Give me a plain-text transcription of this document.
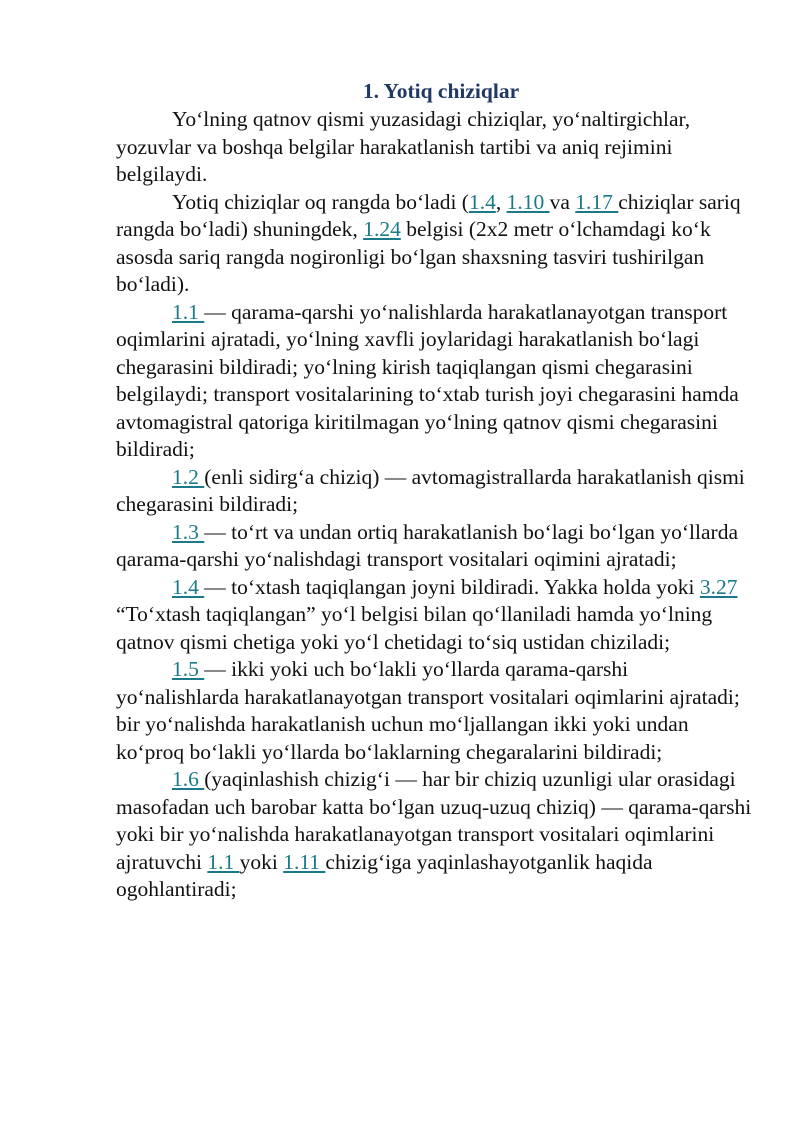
1. Yotiq chiziqlar

Yo‘lning qatnov qismi yuzasidagi chiziqlar, yo‘naltirgichlar, yozuvlar va boshqa belgilar harakatlanish tartibi va aniq rejimini belgilaydi.

Yotiq chiziqlar oq rangda bo‘ladi (1.4, 1.10 va 1.17 chiziqlar sariq rangda bo‘ladi) shuningdek, 1.24 belgisi (2x2 metr o‘lchamdagi ko‘k asosda sariq rangda nogironligi bo‘lgan shaxsning tasviri tushirilgan bo‘ladi).

1.1 — qarama-qarshi yo‘nalishlarda harakatlanayotgan transport oqimlarini ajratadi, yo‘lning xavfli joylaridagi harakatlanish bo‘lagi chegarasini bildiradi; yo‘lning kirish taqiqlangan qismi chegarasini belgilaydi; transport vositalarining to‘xtab turish joyi chegarasini hamda avtomagistral qatoriga kiritilmagan yo‘lning qatnov qismi chegarasini bildiradi;

1.2 (enli sidirg‘a chiziq) — avtomagistrallarda harakatlanish qismi chegarasini bildiradi;

1.3 — to‘rt va undan ortiq harakatlanish bo‘lagi bo‘lgan yo‘llarda qarama-qarshi yo‘nalishdagi transport vositalari oqimini ajratadi;

1.4 — to‘xtash taqiqlangan joyni bildiradi. Yakka holda yoki 3.27 “To‘xtash taqiqlangan” yo‘l belgisi bilan qo‘llaniladi hamda yo‘lning qatnov qismi chetiga yoki yo‘l chetidagi to‘siq ustidan chiziladi;

1.5 — ikki yoki uch bo‘lakli yo‘llarda qarama-qarshi yo‘nalishlarda harakatlanayotgan transport vositalari oqimlarini ajratadi; bir yo‘nalishda harakatlanish uchun mo‘ljallangan ikki yoki undan ko‘proq bo‘lakli yo‘llarda bo‘laklarning chegaralarini bildiradi;

1.6 (yaqinlashish chizig‘i — har bir chiziq uzunligi ular orasidagi masofadan uch barobar katta bo‘lgan uzuq-uzuq chiziq) — qarama-qarshi yoki bir yo‘nalishda harakatlanayotgan transport vositalari oqimlarini ajratuvchi 1.1 yoki 1.11 chizig‘iga yaqinlashayotganlik haqida ogohlantiradi;
